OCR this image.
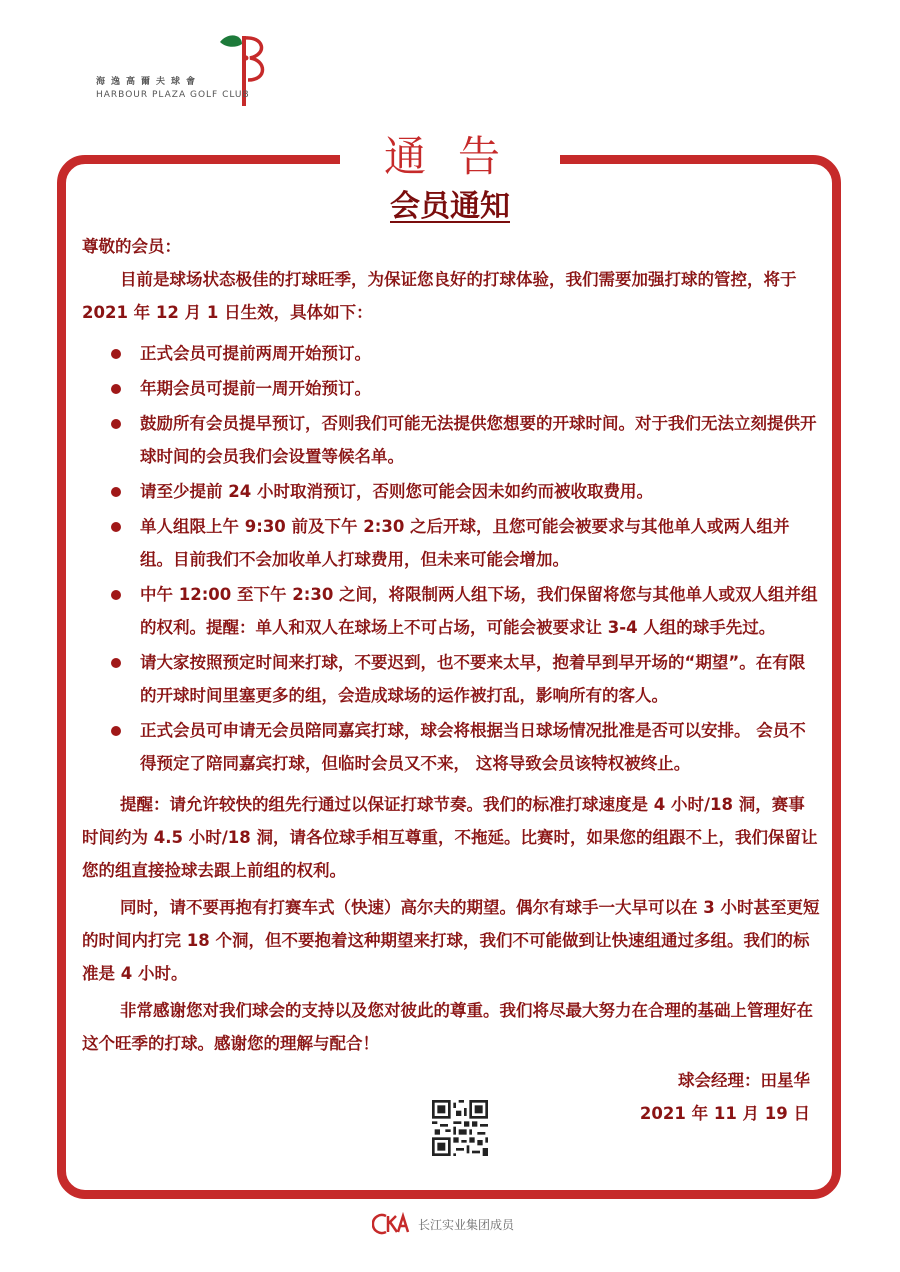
海逸高爾夫球會
HARBOUR PLAZA GOLF CLUB
通告
会员通知

尊敬的会员：

目前是球场状态极佳的打球旺季，为保证您良好的打球体验，我们需要加强打球的管控，将于 2021 年 12 月 1 日生效，具体如下：

正式会员可提前两周开始预订。
年期会员可提前一周开始预订。
鼓励所有会员提早预订，否则我们可能无法提供您想要的开球时间。对于我们无法立刻提供开球时间的会员我们会设置等候名单。
请至少提前 24 小时取消预订，否则您可能会因未如约而被收取费用。
单人组限上午 9:30 前及下午 2:30 之后开球，且您可能会被要求与其他单人或两人组并组。目前我们不会加收单人打球费用，但未来可能会增加。
中午 12:00 至下午 2:30 之间，将限制两人组下场，我们保留将您与其他单人或双人组并组的权利。提醒：单人和双人在球场上不可占场，可能会被要求让 3-4 人组的球手先过。
请大家按照预定时间来打球，不要迟到，也不要来太早，抱着早到早开场的“期望”。在有限的开球时间里塞更多的组，会造成球场的运作被打乱，影响所有的客人。
正式会员可申请无会员陪同嘉宾打球，球会将根据当日球场情况批准是否可以安排。 会员不得预定了陪同嘉宾打球，但临时会员又不来， 这将导致会员该特权被终止。

提醒：请允许较快的组先行通过以保证打球节奏。我们的标准打球速度是 4 小时/18 洞，赛事时间约为 4.5 小时/18 洞，请各位球手相互尊重，不拖延。比赛时，如果您的组跟不上，我们保留让您的组直接捡球去跟上前组的权利。

同时，请不要再抱有打赛车式（快速）高尔夫的期望。偶尔有球手一大早可以在 3 小时甚至更短的时间内打完 18 个洞，但不要抱着这种期望来打球，我们不可能做到让快速组通过多组。我们的标准是 4 小时。

非常感谢您对我们球会的支持以及您对彼此的尊重。我们将尽最大努力在合理的基础上管理好在这个旺季的打球。感谢您的理解与配合！

球会经理：田星华

2021 年 11 月 19 日

长江实业集团成员
